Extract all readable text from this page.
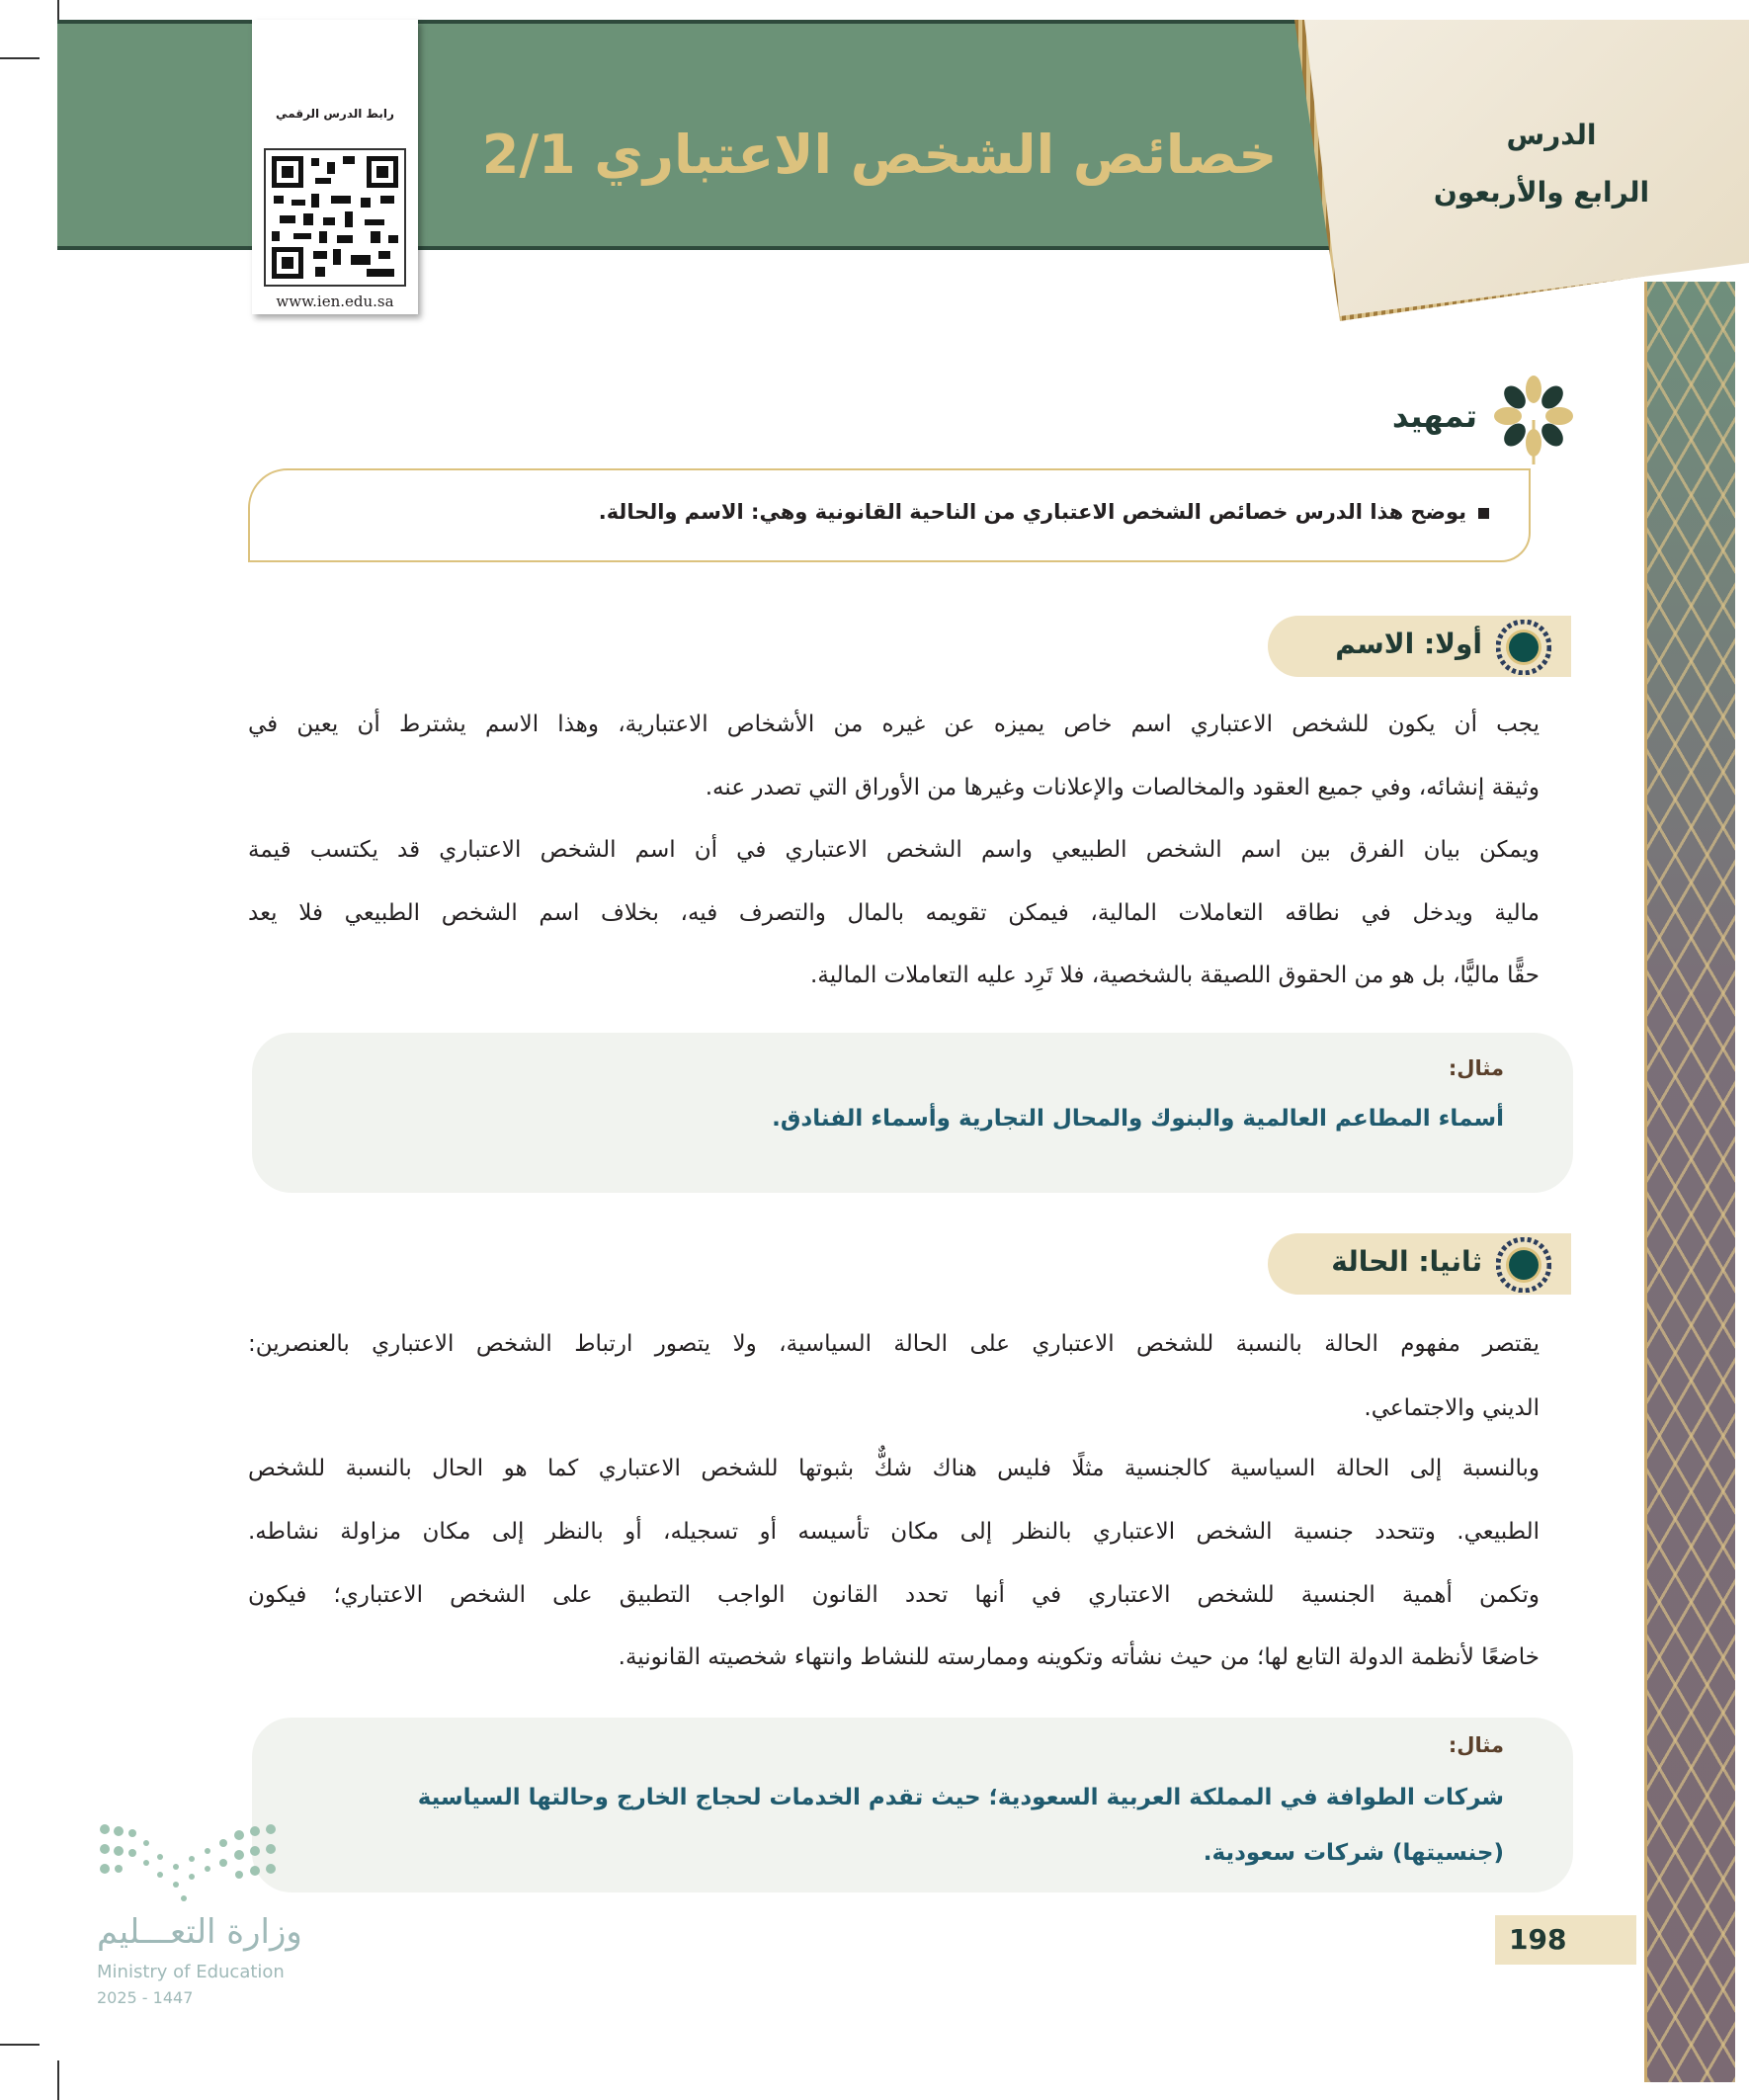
خصائص الشخص الاعتباري 2/1
رابط الدرس الرقمي
www.ien.edu.sa
الدرس
الرابع والأربعون
تمهيد
يوضح هذا الدرس خصائص الشخص الاعتباري من الناحية القانونية وهي: الاسم والحالة.
أولا: الاسم
يجب أن يكون للشخص الاعتباري اسم خاص يميزه عن غيره من الأشخاص الاعتبارية، وهذا الاسم يشترط أن يعين في
وثيقة إنشائه، وفي جميع العقود والمخالصات والإعلانات وغيرها من الأوراق التي تصدر عنه.
ويمكن بيان الفرق بين اسم الشخص الطبيعي واسم الشخص الاعتباري في أن اسم الشخص الاعتباري قد يكتسب قيمة
مالية ويدخل في نطاقه التعاملات المالية، فيمكن تقويمه بالمال والتصرف فيه، بخلاف اسم الشخص الطبيعي فلا يعد
حقًّا ماليًّا، بل هو من الحقوق اللصيقة بالشخصية، فلا تَرِد عليه التعاملات المالية.
مثال:
أسماء المطاعم العالمية والبنوك والمحال التجارية وأسماء الفنادق.
ثانيا: الحالة
يقتصر مفهوم الحالة بالنسبة للشخص الاعتباري على الحالة السياسية، ولا يتصور ارتباط الشخص الاعتباري بالعنصرين:
الديني والاجتماعي.
وبالنسبة إلى الحالة السياسية كالجنسية مثلًا فليس هناك شكٌّ بثبوتها للشخص الاعتباري كما هو الحال بالنسبة للشخص
الطبيعي. وتتحدد جنسية الشخص الاعتباري بالنظر إلى مكان تأسيسه أو تسجيله، أو بالنظر إلى مكان مزاولة نشاطه.
وتكمن أهمية الجنسية للشخص الاعتباري في أنها تحدد القانون الواجب التطبيق على الشخص الاعتباري؛ فيكون
خاضعًا لأنظمة الدولة التابع لها؛ من حيث نشأته وتكوينه وممارسته للنشاط وانتهاء شخصيته القانونية.
مثال:
شركات الطوافة في المملكة العربية السعودية؛ حيث تقدم الخدمات لحجاج الخارج وحالتها السياسية
(جنسيتها) شركات سعودية.
198
وزارة التعـــليم
Ministry of Education
2025 - 1447
